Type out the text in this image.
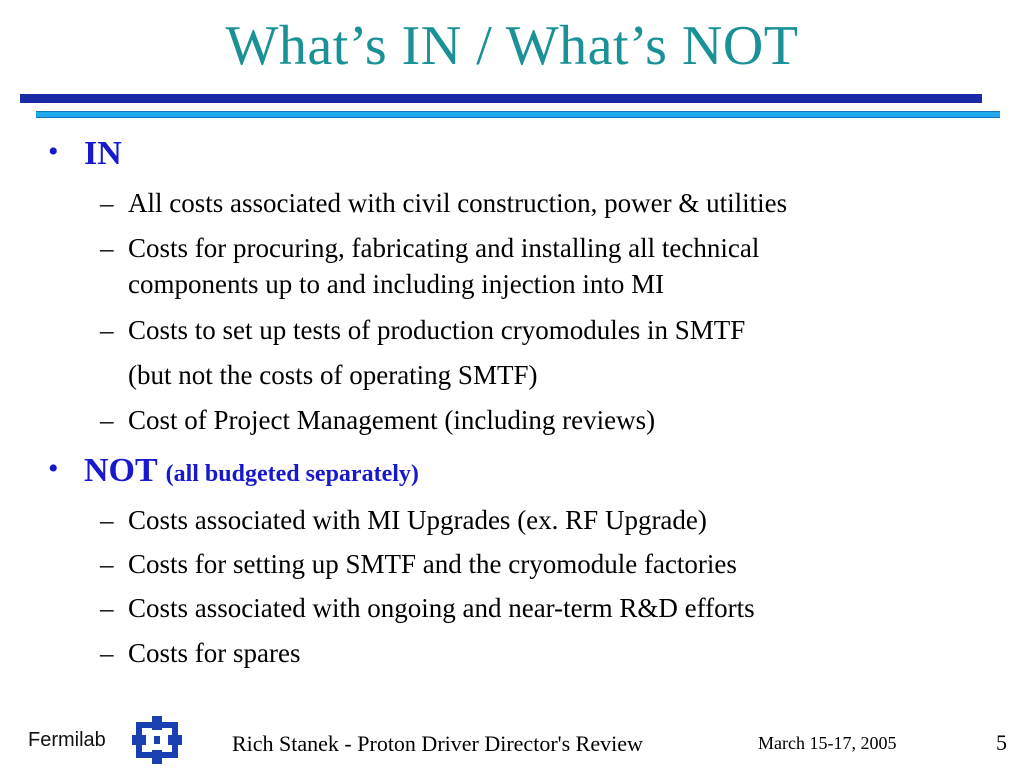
What’s IN / What’s NOT
• IN
– All costs associated with civil construction, power & utilities
– Costs for procuring, fabricating and installing all technical
components up to and including injection into MI
– Costs to set up tests of production cryomodules in SMTF
(but not the costs of operating SMTF)
– Cost of Project Management (including reviews)
• NOT (all budgeted separately)
– Costs associated with MI Upgrades (ex. RF Upgrade)
– Costs for setting up SMTF and the cryomodule factories
– Costs associated with ongoing and near-term R&D efforts
– Costs for spares
Fermilab	Rich Stanek - Proton Driver Director's Review	March 15-17, 2005	5
